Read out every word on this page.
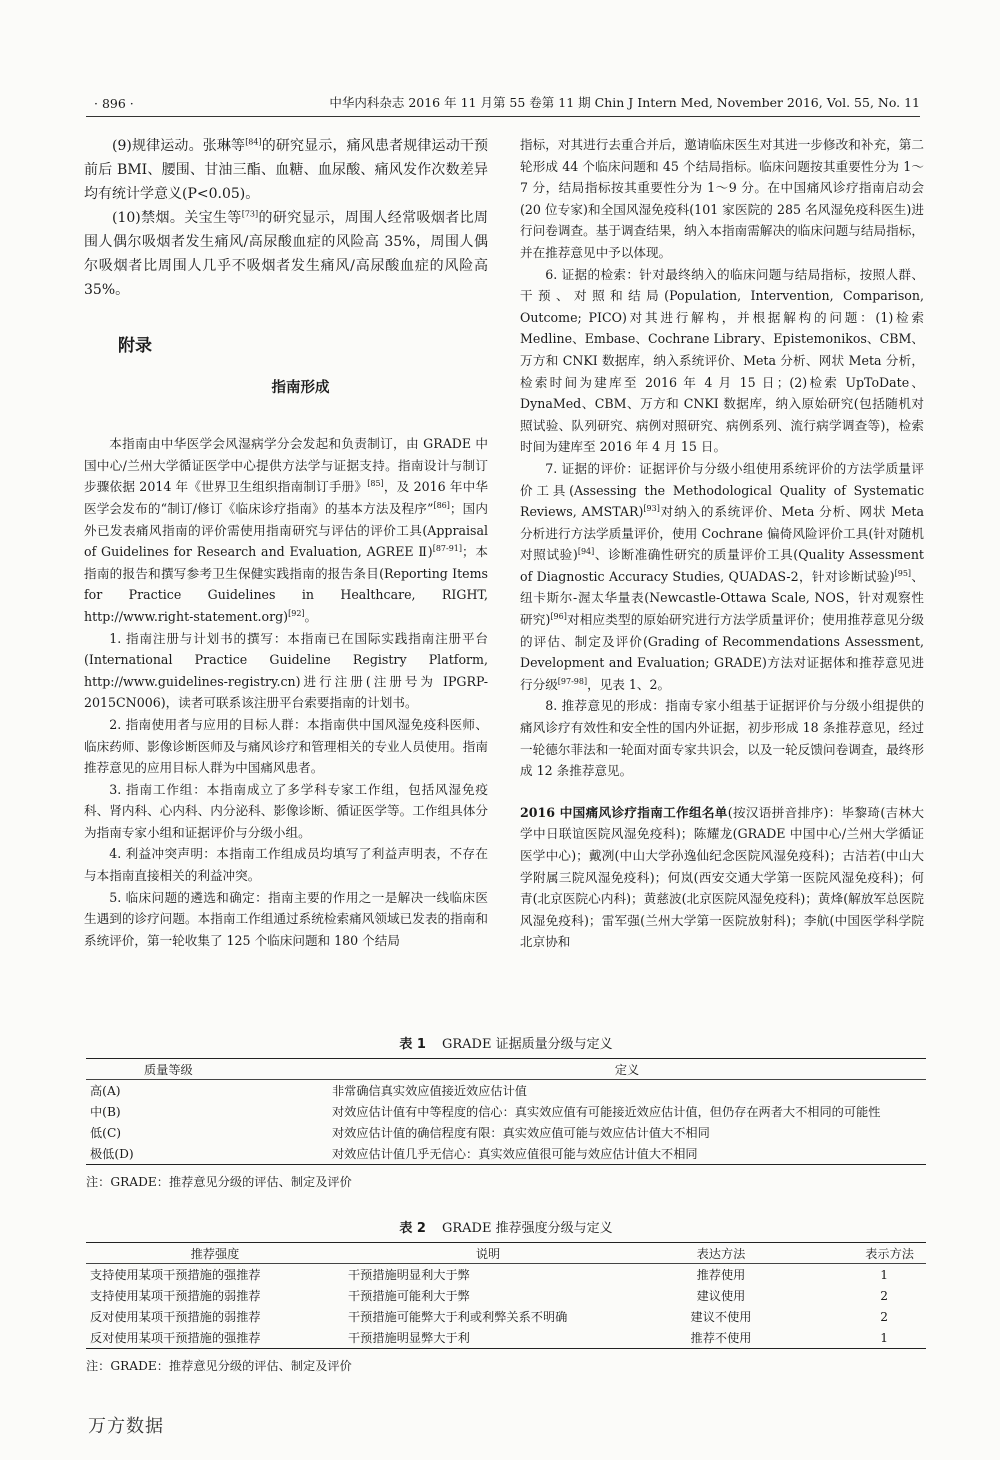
· 896 ·	中华内科杂志 2016 年 11 月第 55 卷第 11 期 Chin J Intern Med, November 2016, Vol. 55, No. 11

(9)规律运动。张琳等[84]的研究显示，痛风患者规律运动干预前后 BMI、腰围、甘油三酯、血糖、血尿酸、痛风发作次数差异均有统计学意义(P<0.05)。

(10)禁烟。关宝生等[73]的研究显示，周围人经常吸烟者比周围人偶尔吸烟者发生痛风/高尿酸血症的风险高 35%，周围人偶尔吸烟者比周围人几乎不吸烟者发生痛风/高尿酸血症的风险高 35%。

附录

指南形成

本指南由中华医学会风湿病学分会发起和负责制订，由 GRADE 中国中心/兰州大学循证医学中心提供方法学与证据支持。指南设计与制订步骤依据 2014 年《世界卫生组织指南制订手册》[85]，及 2016 年中华医学会发布的“制订/修订《临床诊疗指南》的基本方法及程序”[86]；国内外已发表痛风指南的评价需使用指南研究与评估的评价工具(Appraisal of Guidelines for Research and Evaluation, AGREE Ⅱ)[87-91]；本指南的报告和撰写参考卫生保健实践指南的报告条目(Reporting Items for Practice Guidelines in Healthcare, RIGHT, http://www.right-statement.org)[92]。

1. 指南注册与计划书的撰写：本指南已在国际实践指南注册平台(International Practice Guideline Registry Platform, http://www.guidelines-registry.cn)进行注册(注册号为 IPGRP-2015CN006)，读者可联系该注册平台索要指南的计划书。

2. 指南使用者与应用的目标人群：本指南供中国风湿免疫科医师、临床药师、影像诊断医师及与痛风诊疗和管理相关的专业人员使用。指南推荐意见的应用目标人群为中国痛风患者。

3. 指南工作组：本指南成立了多学科专家工作组，包括风湿免疫科、肾内科、心内科、内分泌科、影像诊断、循证医学等。工作组具体分为指南专家小组和证据评价与分级小组。

4. 利益冲突声明：本指南工作组成员均填写了利益声明表，不存在与本指南直接相关的利益冲突。

5. 临床问题的遴选和确定：指南主要的作用之一是解决一线临床医生遇到的诊疗问题。本指南工作组通过系统检索痛风领域已发表的指南和系统评价，第一轮收集了 125 个临床问题和 180 个结局

指标，对其进行去重合并后，邀请临床医生对其进一步修改和补充，第二轮形成 44 个临床问题和 45 个结局指标。临床问题按其重要性分为 1～7 分，结局指标按其重要性分为 1～9 分。在中国痛风诊疗指南启动会(20 位专家)和全国风湿免疫科(101 家医院的 285 名风湿免疫科医生)进行问卷调查。基于调查结果，纳入本指南需解决的临床问题与结局指标，并在推荐意见中予以体现。

6. 证据的检索：针对最终纳入的临床问题与结局指标，按照人群、干预、对照和结局(Population, Intervention, Comparison, Outcome; PICO)对其进行解构，并根据解构的问题：(1)检索 Medline、Embase、Cochrane Library、Epistemonikos、CBM、万方和 CNKI 数据库，纳入系统评价、Meta 分析、网状 Meta 分析，检索时间为建库至 2016 年 4 月 15 日；(2)检索 UpToDate、DynaMed、CBM、万方和 CNKI 数据库，纳入原始研究(包括随机对照试验、队列研究、病例对照研究、病例系列、流行病学调查等)，检索时间为建库至 2016 年 4 月 15 日。

7. 证据的评价：证据评价与分级小组使用系统评价的方法学质量评价工具(Assessing the Methodological Quality of Systematic Reviews, AMSTAR)[93]对纳入的系统评价、Meta 分析、网状 Meta 分析进行方法学质量评价，使用 Cochrane 偏倚风险评价工具(针对随机对照试验)[94]、诊断准确性研究的质量评价工具(Quality Assessment of Diagnostic Accuracy Studies, QUADAS-2，针对诊断试验)[95]、纽卡斯尔-渥太华量表(Newcastle-Ottawa Scale, NOS，针对观察性研究)[96]对相应类型的原始研究进行方法学质量评价；使用推荐意见分级的评估、制定及评价(Grading of Recommendations Assessment, Development and Evaluation; GRADE)方法对证据体和推荐意见进行分级[97-98]，见表 1、2。

8. 推荐意见的形成：指南专家小组基于证据评价与分级小组提供的痛风诊疗有效性和安全性的国内外证据，初步形成 18 条推荐意见，经过一轮德尔菲法和一轮面对面专家共识会，以及一轮反馈问卷调查，最终形成 12 条推荐意见。

2016 中国痛风诊疗指南工作组名单(按汉语拼音排序)：毕黎琦(吉林大学中日联谊医院风湿免疫科)；陈耀龙(GRADE 中国中心/兰州大学循证医学中心)；戴冽(中山大学孙逸仙纪念医院风湿免疫科)；古洁若(中山大学附属三院风湿免疫科)；何岚(西安交通大学第一医院风湿免疫科)；何青(北京医院心内科)；黄慈波(北京医院风湿免疫科)；黄烽(解放军总医院风湿免疫科)；雷军强(兰州大学第一医院放射科)；李航(中国医学科学院北京协和

表 1 GRADE 证据质量分级与定义
质量等级	定义
高(A)	非常确信真实效应值接近效应估计值
中(B)	对效应估计值有中等程度的信心：真实效应值有可能接近效应估计值，但仍存在两者大不相同的可能性
低(C)	对效应估计值的确信程度有限：真实效应值可能与效应估计值大不相同
极低(D)	对效应估计值几乎无信心：真实效应值很可能与效应估计值大不相同
注：GRADE：推荐意见分级的评估、制定及评价
表 2 GRADE 推荐强度分级与定义
推荐强度	说明	表达方法	表示方法
支持使用某项干预措施的强推荐	干预措施明显利大于弊	推荐使用	1
支持使用某项干预措施的弱推荐	干预措施可能利大于弊	建议使用	2
反对使用某项干预措施的弱推荐	干预措施可能弊大于利或利弊关系不明确	建议不使用	2
反对使用某项干预措施的强推荐	干预措施明显弊大于利	推荐不使用	1
注：GRADE：推荐意见分级的评估、制定及评价
万方数据
